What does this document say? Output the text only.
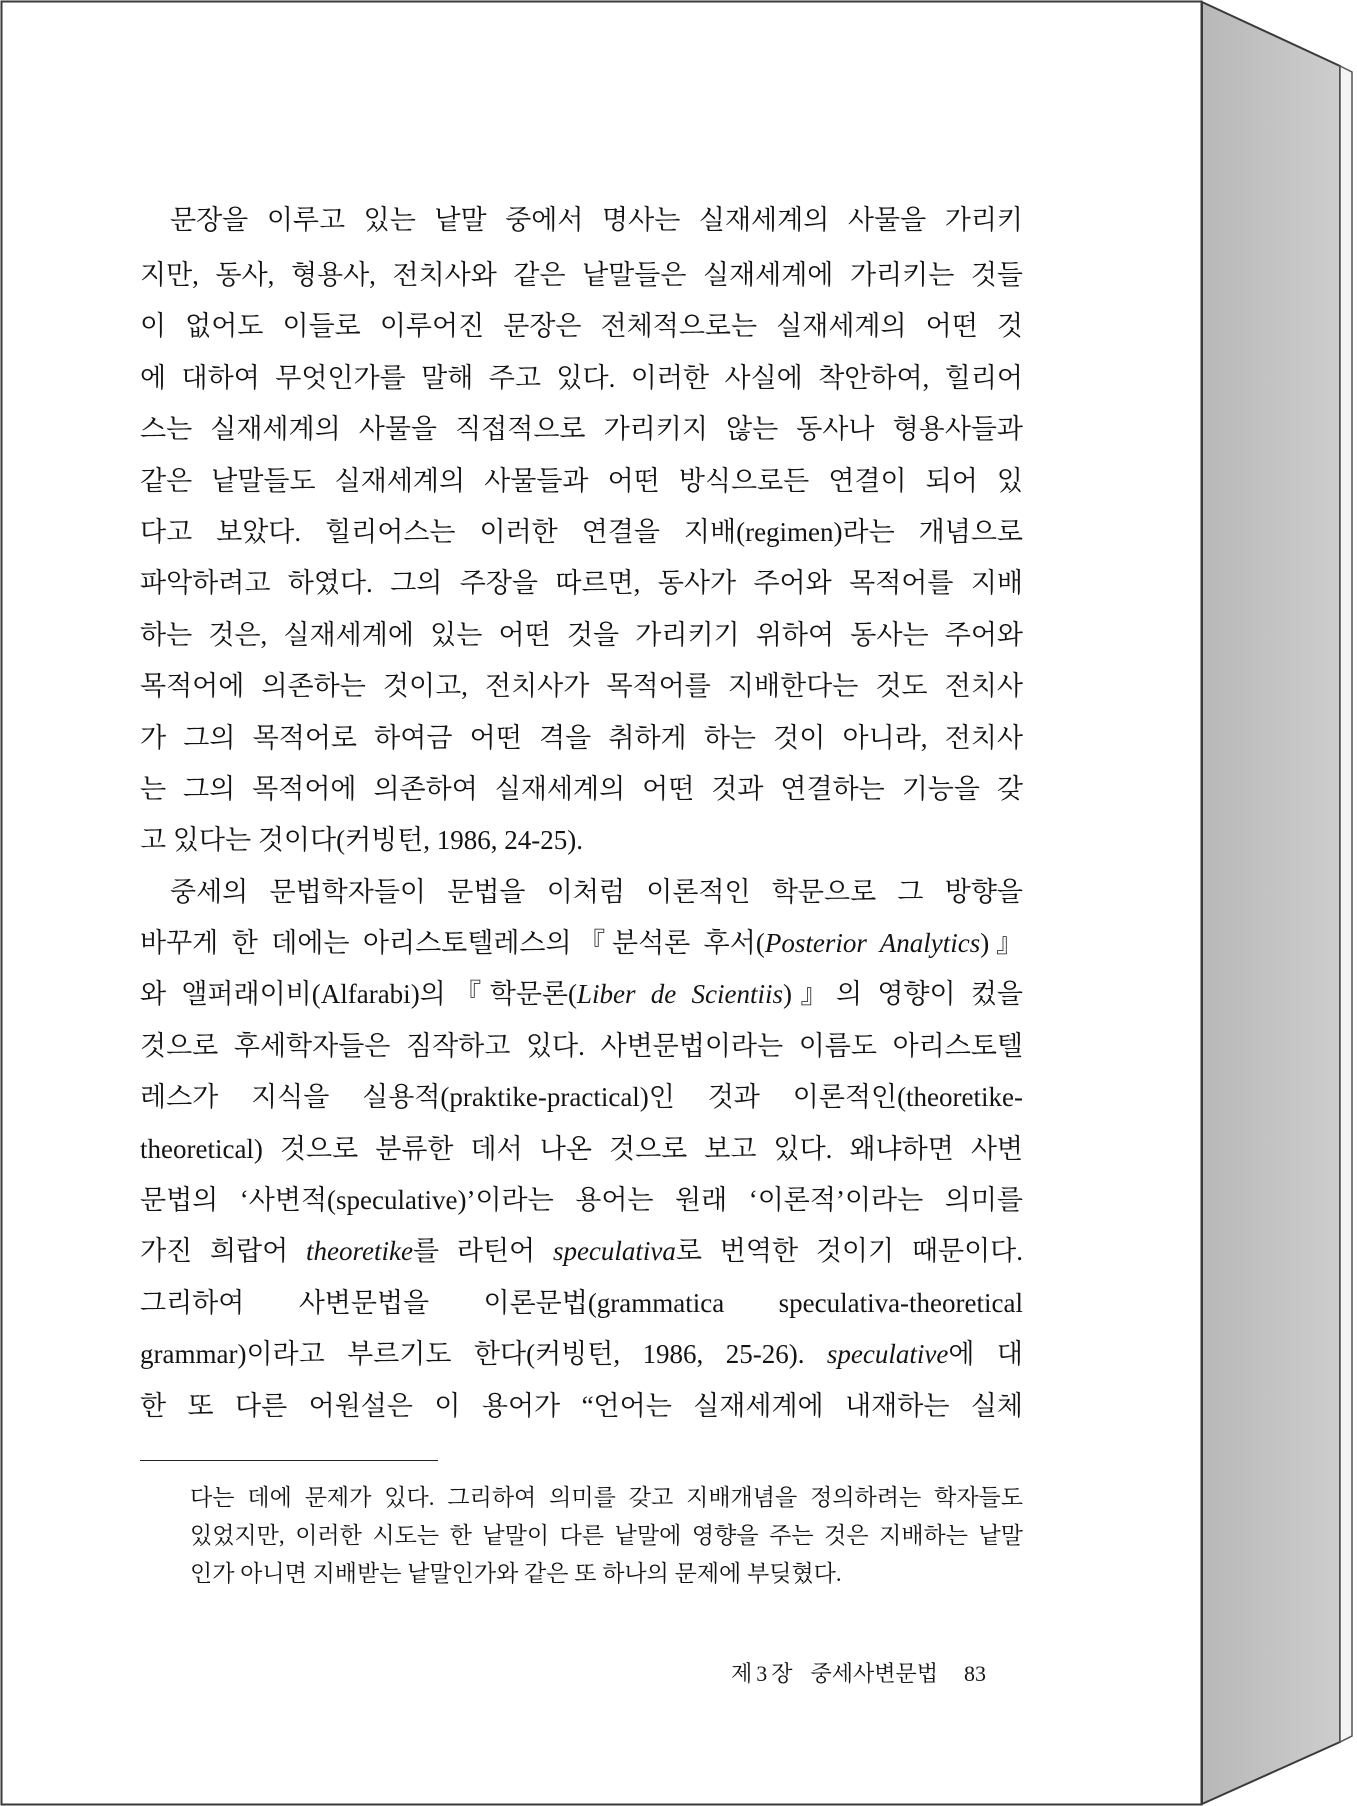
문장을 이루고 있는 낱말 중에서 명사는 실재세계의 사물을 가리키
지만, 동사, 형용사, 전치사와 같은 낱말들은 실재세계에 가리키는 것들
이 없어도 이들로 이루어진 문장은 전체적으로는 실재세계의 어떤 것
에 대하여 무엇인가를 말해 주고 있다. 이러한 사실에 착안하여, 힐리어
스는 실재세계의 사물을 직접적으로 가리키지 않는 동사나 형용사들과
같은 낱말들도 실재세계의 사물들과 어떤 방식으로든 연결이 되어 있
다고 보았다. 힐리어스는 이러한 연결을 지배(regimen)라는 개념으로
파악하려고 하였다. 그의 주장을 따르면, 동사가 주어와 목적어를 지배
하는 것은, 실재세계에 있는 어떤 것을 가리키기 위하여 동사는 주어와
목적어에 의존하는 것이고, 전치사가 목적어를 지배한다는 것도 전치사
가 그의 목적어로 하여금 어떤 격을 취하게 하는 것이 아니라, 전치사
는 그의 목적어에 의존하여 실재세계의 어떤 것과 연결하는 기능을 갖
고 있다는 것이다(커빙턴, 1986, 24-25).
중세의 문법학자들이 문법을 이처럼 이론적인 학문으로 그 방향을
바꾸게 한 데에는 아리스토텔레스의『분석론 후서(Posterior Analytics)』
와 앨퍼래이비(Alfarabi)의『학문론(Liber de Scientiis)』의 영향이 컸을
것으로 후세학자들은 짐작하고 있다. 사변문법이라는 이름도 아리스토텔
레스가 지식을 실용적(praktike-practical)인 것과 이론적인(theoretike-
theoretical) 것으로 분류한 데서 나온 것으로 보고 있다. 왜냐하면 사변
문법의 ‘사변적(speculative)’이라는 용어는 원래 ‘이론적’이라는 의미를
가진 희랍어 theoretike를 라틴어 speculativa로 번역한 것이기 때문이다.
그리하여 사변문법을 이론문법(grammatica speculativa-theoretical
grammar)이라고 부르기도 한다(커빙턴, 1986, 25-26). speculative에 대
한 또 다른 어원설은 이 용어가 “언어는 실재세계에 내재하는 실체
다는 데에 문제가 있다. 그리하여 의미를 갖고 지배개념을 정의하려는 학자들도
있었지만, 이러한 시도는 한 낱말이 다른 낱말에 영향을 주는 것은 지배하는 낱말
인가 아니면 지배받는 낱말인가와 같은 또 하나의 문제에 부딪혔다.
제3장 중세사변문법 83
